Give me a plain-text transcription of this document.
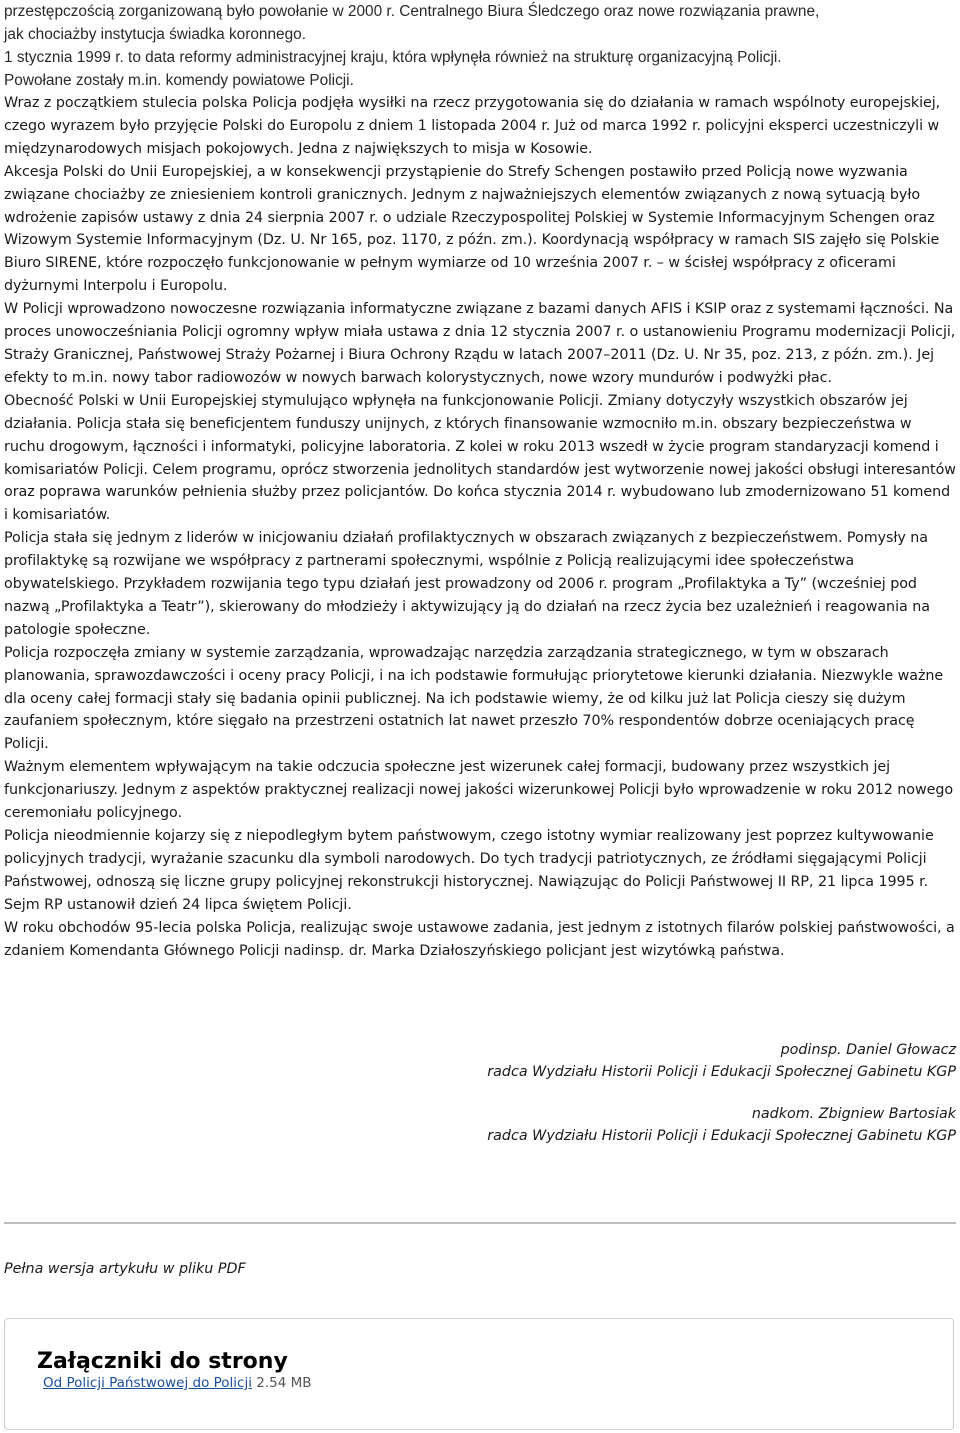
przestępczością zorganizowaną było powołanie w 2000 r. Centralnego Biura Śledczego oraz nowe rozwiązania prawne,

jak chociażby instytucja świadka koronnego.

1 stycznia 1999 r. to data reformy administracyjnej kraju, która wpłynęła również na strukturę organizacyjną Policji.

Powołane zostały m.in. komendy powiatowe Policji.

Wraz z początkiem stulecia polska Policja podjęła wysiłki na rzecz przygotowania się do działania w ramach wspólnoty europejskiej, czego wyrazem było przyjęcie Polski do Europolu z dniem 1 listopada 2004 r. Już od marca 1992 r. policyjni eksperci uczestniczyli w międzynarodowych misjach pokojowych. Jedna z największych to misja w Kosowie.

Akcesja Polski do Unii Europejskiej, a w konsekwencji przystąpienie do Strefy Schengen postawiło przed Policją nowe wyzwania związane chociażby ze zniesieniem kontroli granicznych. Jednym z najważniejszych elementów związanych z nową sytuacją było wdrożenie zapisów ustawy z dnia 24 sierpnia 2007 r. o udziale Rzeczypospolitej Polskiej w Systemie Informacyjnym Schengen oraz Wizowym Systemie Informacyjnym (Dz. U. Nr 165, poz. 1170, z późn. zm.). Koordynacją współpracy w ramach SIS zajęło się Polskie Biuro SIRENE, które rozpoczęło funkcjonowanie w pełnym wymiarze od 10 września 2007 r. – w ścisłej współpracy z oficerami dyżurnymi Interpolu i Europolu.

W Policji wprowadzono nowoczesne rozwiązania informatyczne związane z bazami danych AFIS i KSIP oraz z systemami łączności. Na proces unowocześniania Policji ogromny wpływ miała ustawa z dnia 12 stycznia 2007 r. o ustanowieniu Programu modernizacji Policji, Straży Granicznej, Państwowej Straży Pożarnej i Biura Ochrony Rządu w latach 2007–2011 (Dz. U. Nr 35, poz. 213, z późn. zm.). Jej efekty to m.in. nowy tabor radiowozów w nowych barwach kolorystycznych, nowe wzory mundurów i podwyżki płac.

Obecność Polski w Unii Europejskiej stymulująco wpłynęła na funkcjonowanie Policji. Zmiany dotyczyły wszystkich obszarów jej działania. Policja stała się beneficjentem funduszy unijnych, z których finansowanie wzmocniło m.in. obszary bezpieczeństwa w ruchu drogowym, łączności i informatyki, policyjne laboratoria. Z kolei w roku 2013 wszedł w życie program standaryzacji komend i komisariatów Policji. Celem programu, oprócz stworzenia jednolitych standardów jest wytworzenie nowej jakości obsługi interesantów oraz poprawa warunków pełnienia służby przez policjantów. Do końca stycznia 2014 r. wybudowano lub zmodernizowano 51 komend i komisariatów.

Policja stała się jednym z liderów w inicjowaniu działań profilaktycznych w obszarach związanych z bezpieczeństwem. Pomysły na profilaktykę są rozwijane we współpracy z partnerami społecznymi, wspólnie z Policją realizującymi idee społeczeństwa obywatelskiego. Przykładem rozwijania tego typu działań jest prowadzony od 2006 r. program „Profilaktyka a Ty” (wcześniej pod nazwą „Profilaktyka a Teatr”), skierowany do młodzieży i aktywizujący ją do działań na rzecz życia bez uzależnień i reagowania na patologie społeczne.

Policja rozpoczęła zmiany w systemie zarządzania, wprowadzając narzędzia zarządzania strategicznego, w tym w obszarach planowania, sprawozdawczości i oceny pracy Policji, i na ich podstawie formułując priorytetowe kierunki działania. Niezwykle ważne dla oceny całej formacji stały się badania opinii publicznej. Na ich podstawie wiemy, że od kilku już lat Policja cieszy się dużym zaufaniem społecznym, które sięgało na przestrzeni ostatnich lat nawet przeszło 70% respondentów dobrze oceniających pracę Policji.

Ważnym elementem wpływającym na takie odczucia społeczne jest wizerunek całej formacji, budowany przez wszystkich jej funkcjonariuszy. Jednym z aspektów praktycznej realizacji nowej jakości wizerunkowej Policji było wprowadzenie w roku 2012 nowego ceremoniału policyjnego.

Policja nieodmiennie kojarzy się z niepodległym bytem państwowym, czego istotny wymiar realizowany jest poprzez kultywowanie policyjnych tradycji, wyrażanie szacunku dla symboli narodowych. Do tych tradycji patriotycznych, ze źródłami sięgającymi Policji Państwowej, odnoszą się liczne grupy policyjnej rekonstrukcji historycznej. Nawiązując do Policji Państwowej II RP, 21 lipca 1995 r. Sejm RP ustanowił dzień 24 lipca świętem Policji.

W roku obchodów 95-lecia polska Policja, realizując swoje ustawowe zadania, jest jednym z istotnych filarów polskiej państwowości, a zdaniem Komendanta Głównego Policji nadinsp. dr. Marka Działoszyńskiego policjant jest wizytówką państwa.

podinsp. Daniel Głowacz
radca Wydziału Historii Policji i Edukacji Społecznej Gabinetu KGP
nadkom. Zbigniew Bartosiak
radca Wydziału Historii Policji i Edukacji Społecznej Gabinetu KGP
Pełna wersja artykułu w pliku PDF
Załączniki do strony
Od Policji Państwowej do Policji 2.54 MB
